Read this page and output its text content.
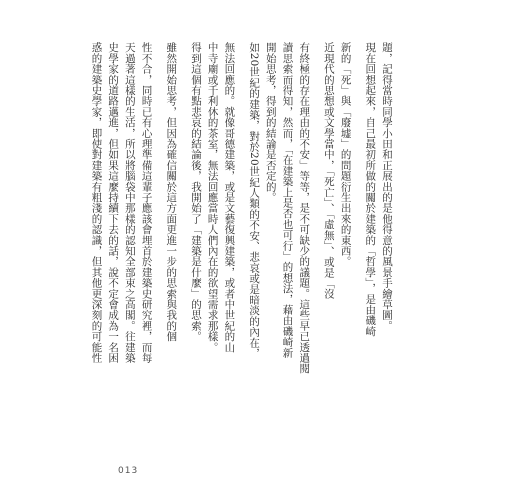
題，記得當時同學小田和正展出的是他得意的風景手繪草圖。

現在回想起來，自己最初所做的關於建築的「哲學」，是由磯崎

新的「死」與「廢墟」的問題衍生出來的東西。

近現代的思想或文學當中，「死亡」、「虛無」、或是「沒

有終極的存在理由的不安」等等，是不可缺少的議題。這些早已透過閱

讀思索而得知，然而，「在建築上是否也可行」的想法，藉由磯崎新

開始思考，得到的結論是否定的。

如20世紀的建築，對於20世紀人類的不安、悲哀或是暗淡的內在，

無法回應的。就像哥德建築，或是文藝復興建築，或者中世紀的山

中寺廟或千利休的茶室，無法回應當時人們內在的欲望需求那樣。

得到這個有點悲哀的結論後，我開始了「建築是什麼」的思索。

雖然開始思考，但因為確信關於這方面更進一步的思索與我的個

性不合，同時已有心理準備這輩子應該會埋首於建築史研究裡，而每

天過著這樣的生活，所以將腦袋中那樣的認知全部束之高閣。往建築

史學家的道路邁進，但如果這麼持續下去的話，說不定會成為一名困

惑的建築史學家，即使對建築有粗淺的認識，但其他更深刻的可能性

013
